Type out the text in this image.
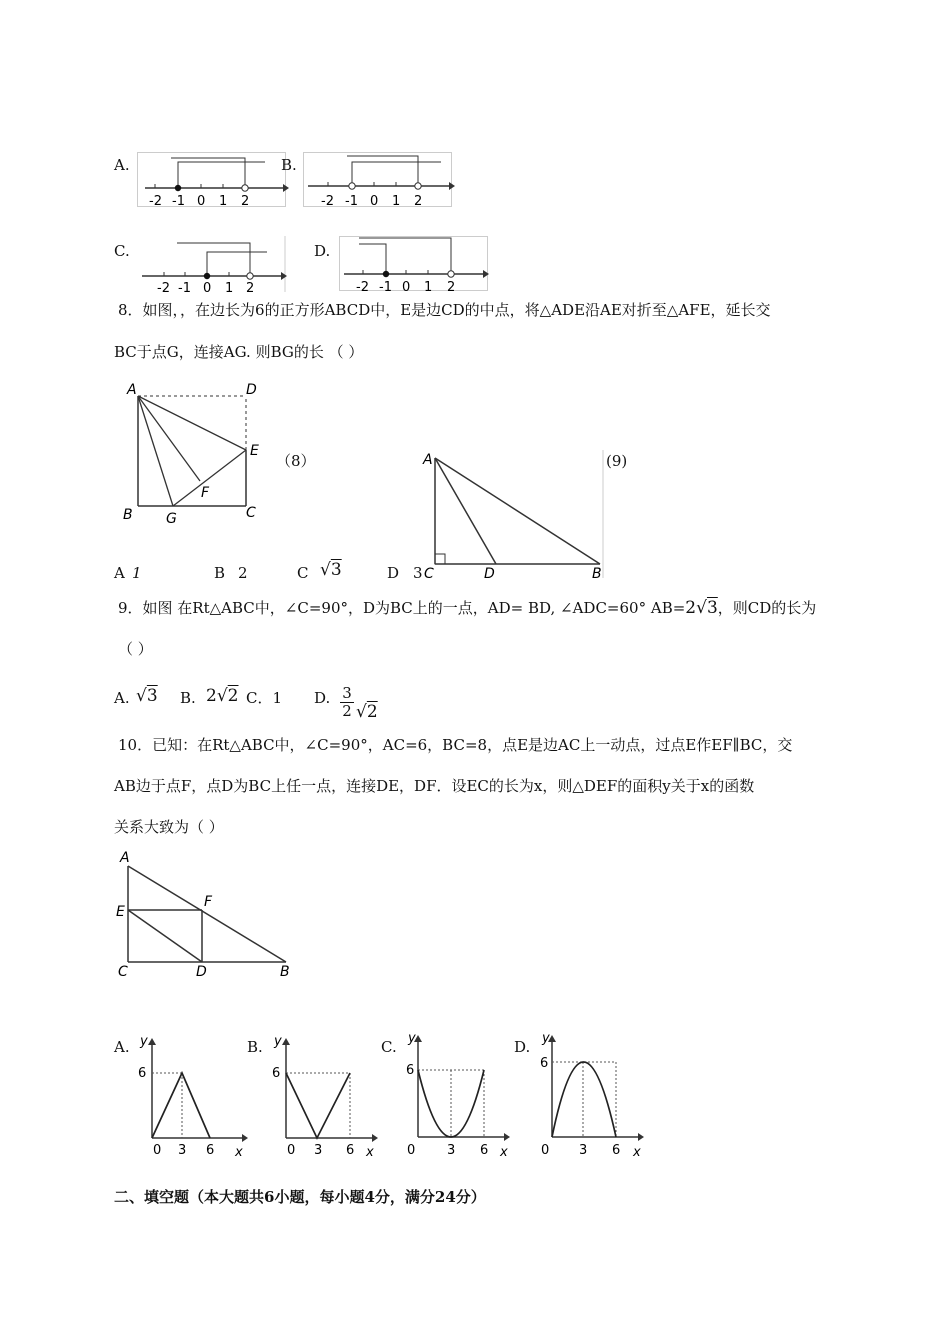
A.
-2 -1 0 1 2
B.
-2 -1 0 1 2
C.
-2 -1 0 1 2
D.
-2 -1 0 1 2
8．如图，，在边长为6的正方形ABCD中，E是边CD的中点，将△ADE沿AE对折至△AFE，延长交
BC于点G，连接AG. 则BG的长 （ ）
A	D
E
F
B G	C
（8）	A
C	D	B
(9)
A 1	B 2	C √3	D 3
9．如图 在Rt△ABC中，∠C=90°，D为BC上的一点，AD= BD, ∠ADC=60° AB=2√3，则CD的长为
（ ）
A. √3 B. 2√2 C．1 D. $\frac{3}{2} √2$
10．已知：在Rt△ABC中，∠C=90°，AC=6，BC=8，点E是边AC上一动点，过点E作EF∥BC，交
AB边于点F，点D为BC上任一点，连接DE，DF．设EC的长为x，则△DEF的面积y关于x的函数
关系大致为（ ）
A
E
F
C	D	B
A. y
6
0 3 6 x
B. y
6
0 3 6 x
C. y
6
0 3 6 x
D. y
6
0 3 6 x
二、填空题（本大题共6小题，每小题4分，满分24分）
